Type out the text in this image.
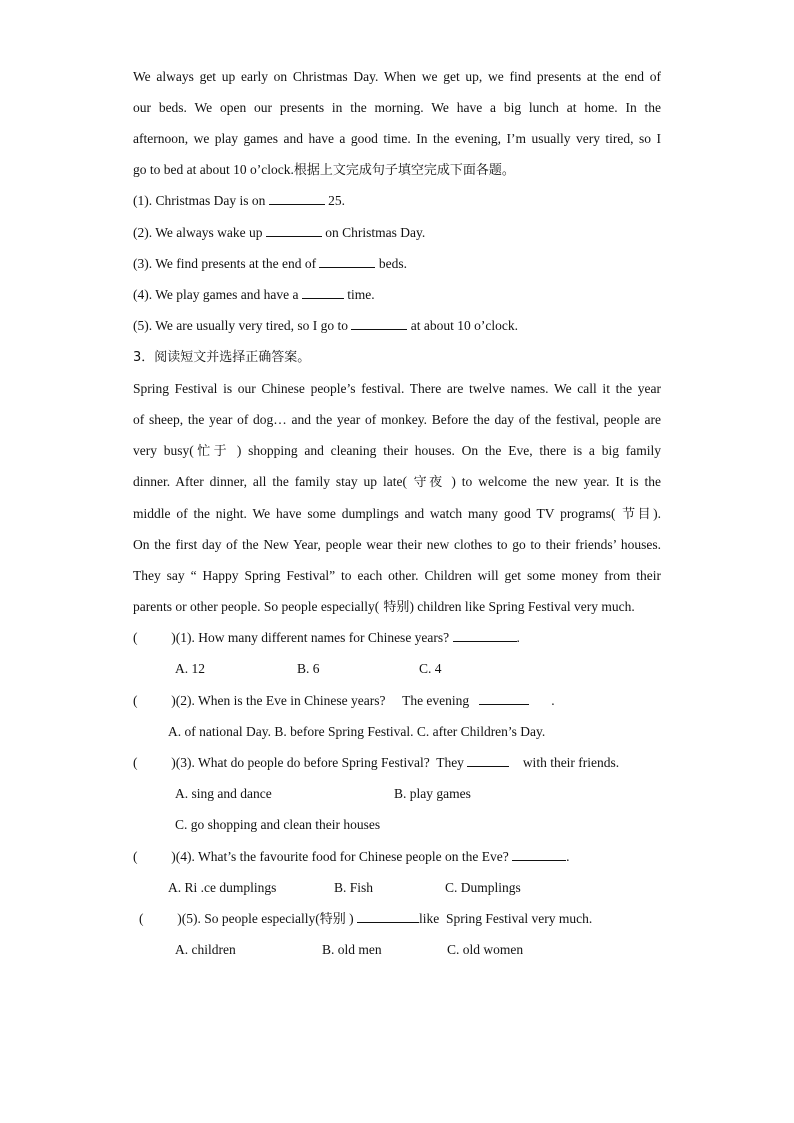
We always get up early on Christmas Day. When we get up, we find presents at the end of
our beds. We open our presents in the morning. We have a big lunch at home. In the
afternoon, we play games and have a good time. In the evening, I’m usually very tired, so I
go to bed at about 10 o’clock.根据上文完成句子填空完成下面各题。
(1). Christmas Day is on	25.
(2). We always wake up	on Christmas Day.
(3). We find presents at the end of	beds.
(4). We play games and have a	time.
(5). We are usually very tired, so I go to	at about 10 o’clock.
3．阅读短文并选择正确答案。
Spring Festival is our Chinese people’s festival. There are twelve names. We call it the year
of sheep, the year of dog… and the year of monkey. Before the day of the festival, people are
very busy(忙于 ) shopping and cleaning their houses. On the Eve, there is a big family
dinner. After dinner, all the family stay up late( 守夜 ) to welcome the new year. It is the
middle of the night. We have some dumplings and watch many good TV programs( 节目).
On the first day of the New Year, people wear their new clothes to go to their friends’ houses.
They say “ Happy Spring Festival” to each other. Children will get some money from their
parents or other people. So people especially( 特别) children like Spring Festival very much.
(          )(1). How many different names for Chinese years?	.
A. 12	B. 6	C. 4
(          )(2). When is the Eve in Chinese years?     The evening	.
A. of national Day. B. before Spring Festival. C. after Children’s Day.
(          )(3). What do people do before Spring Festival?  They	with their friends.
A. sing and dance	B. play games
C. go shopping and clean their houses
(          )(4). What’s the favourite food for Chinese people on the Eve?	.
A. Ri .ce dumplings	B. Fish	C. Dumplings
(          )(5). So people especially(特别 )	like  Spring Festival very much.
A. children	B. old men	C. old women
